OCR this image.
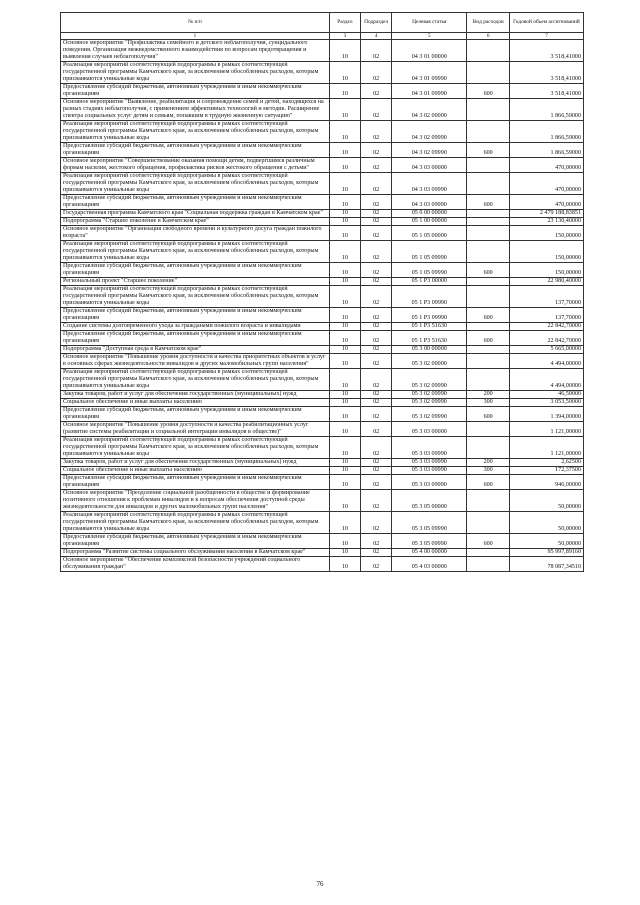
№ п/п	Раздел	Подраздел	Целевая статья	Вид расходов	Годовой объем ассигнований
1	3	4	5	6	7
Основное мероприятие "Профилактика семейного и детского неблагополучия, суицидального поведения. Организация межведомственного взаимодействия по вопросам предотвращения и выявления случаев неблагополучия"	10	02	04 3 01 00000		3 518,41000
Реализация мероприятий соответствующей подпрограммы в рамках соответствующей государственной программы Камчатского края, за исключением обособленных расходов, которым присваиваются уникальные коды	10	02	04 3 01 09990		3 518,41000
Предоставление субсидий бюджетным, автономным учреждениям и иным некоммерческим организациям	10	02	04 3 01 09990	600	3 518,41000
Основное мероприятие "Выявление, реабилитация и сопровождение семей и детей, находящихся на разных стадиях неблагополучия, с применением эффективных технологий и методик. Расширение спектра социальных услуг детям и семьям, попавшим в трудную жизненную ситуацию"	10	02	04 3 02 00000		1 866,59000
Реализация мероприятий соответствующей подпрограммы в рамках соответствующей государственной программы Камчатского края, за исключением обособленных расходов, которым присваиваются уникальные коды	10	02	04 3 02 09990		1 866,59000
Предоставление субсидий бюджетным, автономным учреждениям и иным некоммерческим организациям	10	02	04 3 02 09990	600	1 866,59000
Основное мероприятие "Совершенствование оказания помощи детям, подвергшимся различным формам насилия, жестокого обращения, профилактика рисков жестокого обращения с детьми"	10	02	04 3 03 00000		470,00000
Реализация мероприятий соответствующей подпрограммы в рамках соответствующей государственной программы Камчатского края, за исключением обособленных расходов, которым присваиваются уникальные коды	10	02	04 3 03 09990		470,00000
Предоставление субсидий бюджетным, автономным учреждениям и иным некоммерческим организациям	10	02	04 3 03 09990	600	470,00000
Государственная программа Камчатского края "Социальная поддержка граждан в Камчатском крае"	10	02	05 0 00 00000		2 479 188,83851
Подпрограмма "Старшее поколение в Камчатском крае"	10	02	05 1 00 00000		23 130,40000
Основное мероприятие "Организация свободного времени и культурного досуга граждан пожилого возраста"	10	02	05 1 05 00000		150,00000
Реализация мероприятий соответствующей подпрограммы в рамках соответствующей государственной программы Камчатского края, за исключением обособленных расходов, которым присваиваются уникальные коды	10	02	05 1 05 09990		150,00000
Предоставление субсидий бюджетным, автономным учреждениям и иным некоммерческим организациям	10	02	05 1 05 09990	600	150,00000
Региональный проект "Старшее поколение"	10	02	05 1 P3 00000		22 980,40000
Реализация мероприятий соответствующей подпрограммы в рамках соответствующей государственной программы Камчатского края, за исключением обособленных расходов, которым присваиваются уникальные коды	10	02	05 1 P3 09990		137,70000
Предоставление субсидий бюджетным, автономным учреждениям и иным некоммерческим организациям	10	02	05 1 P3 09990	600	137,70000
Создание системы долговременного ухода за гражданами пожилого возраста и инвалидами	10	02	05 1 P3 51630		22 842,70000
Предоставление субсидий бюджетным, автономным учреждениям и иным некоммерческим организациям	10	02	05 1 P3 51630	600	22 842,70000
Подпрограмма "Доступная среда в Камчатском крае"	10	02	05 3 00 00000		5 665,00000
Основное мероприятие "Повышение уровня доступности и качества приоритетных объектов и услуг в основных сферах жизнедеятельности инвалидов и других маломобильных групп населения"	10	02	05 3 02 00000		4 494,00000
Реализация мероприятий соответствующей подпрограммы в рамках соответствующей государственной программы Камчатского края, за исключением обособленных расходов, которым присваиваются уникальные коды	10	02	05 3 02 09990		4 494,00000
Закупка товаров, работ и услуг для обеспечения государственных (муниципальных) нужд	10	02	05 3 02 09990	200	46,50000
Социальное обеспечение и иные выплаты населению	10	02	05 3 02 09990	300	3 053,50000
Предоставление субсидий бюджетным, автономным учреждениям и иным некоммерческим организациям	10	02	05 3 02 09990	600	1 394,00000
Основное мероприятие "Повышение уровня доступности и качества реабилитационных услуг (развитие системы реабилитации и социальной интеграции инвалидов в обществе)"	10	02	05 3 03 00000		1 121,00000
Реализация мероприятий соответствующей подпрограммы в рамках соответствующей государственной программы Камчатского края, за исключением обособленных расходов, которым присваиваются уникальные коды	10	02	05 3 03 09990		1 121,00000
Закупка товаров, работ и услуг для обеспечения государственных (муниципальных) нужд	10	02	05 3 03 09990	200	2,62500
Социальное обеспечение и иные выплаты населению	10	02	05 3 03 09990	300	172,37500
Предоставление субсидий бюджетным, автономным учреждениям и иным некоммерческим организациям	10	02	05 3 03 09990	600	946,00000
Основное мероприятие "Преодоление социальной разобщенности в обществе и формирование позитивного отношения к проблемам инвалидов и к вопросам обеспечения доступной среды жизнедеятельности для инвалидов и других маломобильных групп населения"	10	02	05 3 05 00000		50,00000
Реализация мероприятий соответствующей подпрограммы в рамках соответствующей государственной программы Камчатского края, за исключением обособленных расходов, которым присваиваются уникальные коды	10	02	05 3 05 09990		50,00000
Предоставление субсидий бюджетным, автономным учреждениям и иным некоммерческим организациям	10	02	05 3 05 09990	600	50,00000
Подпрограмма "Развитие системы социального обслуживания населения в Камчатском крае"	10	02	05 4 00 00000		95 997,89160
Основное мероприятие "Обеспечение комплексной безопасности учреждений социального обслуживания граждан"	10	02	05 4 03 00000		78 087,34510
76
